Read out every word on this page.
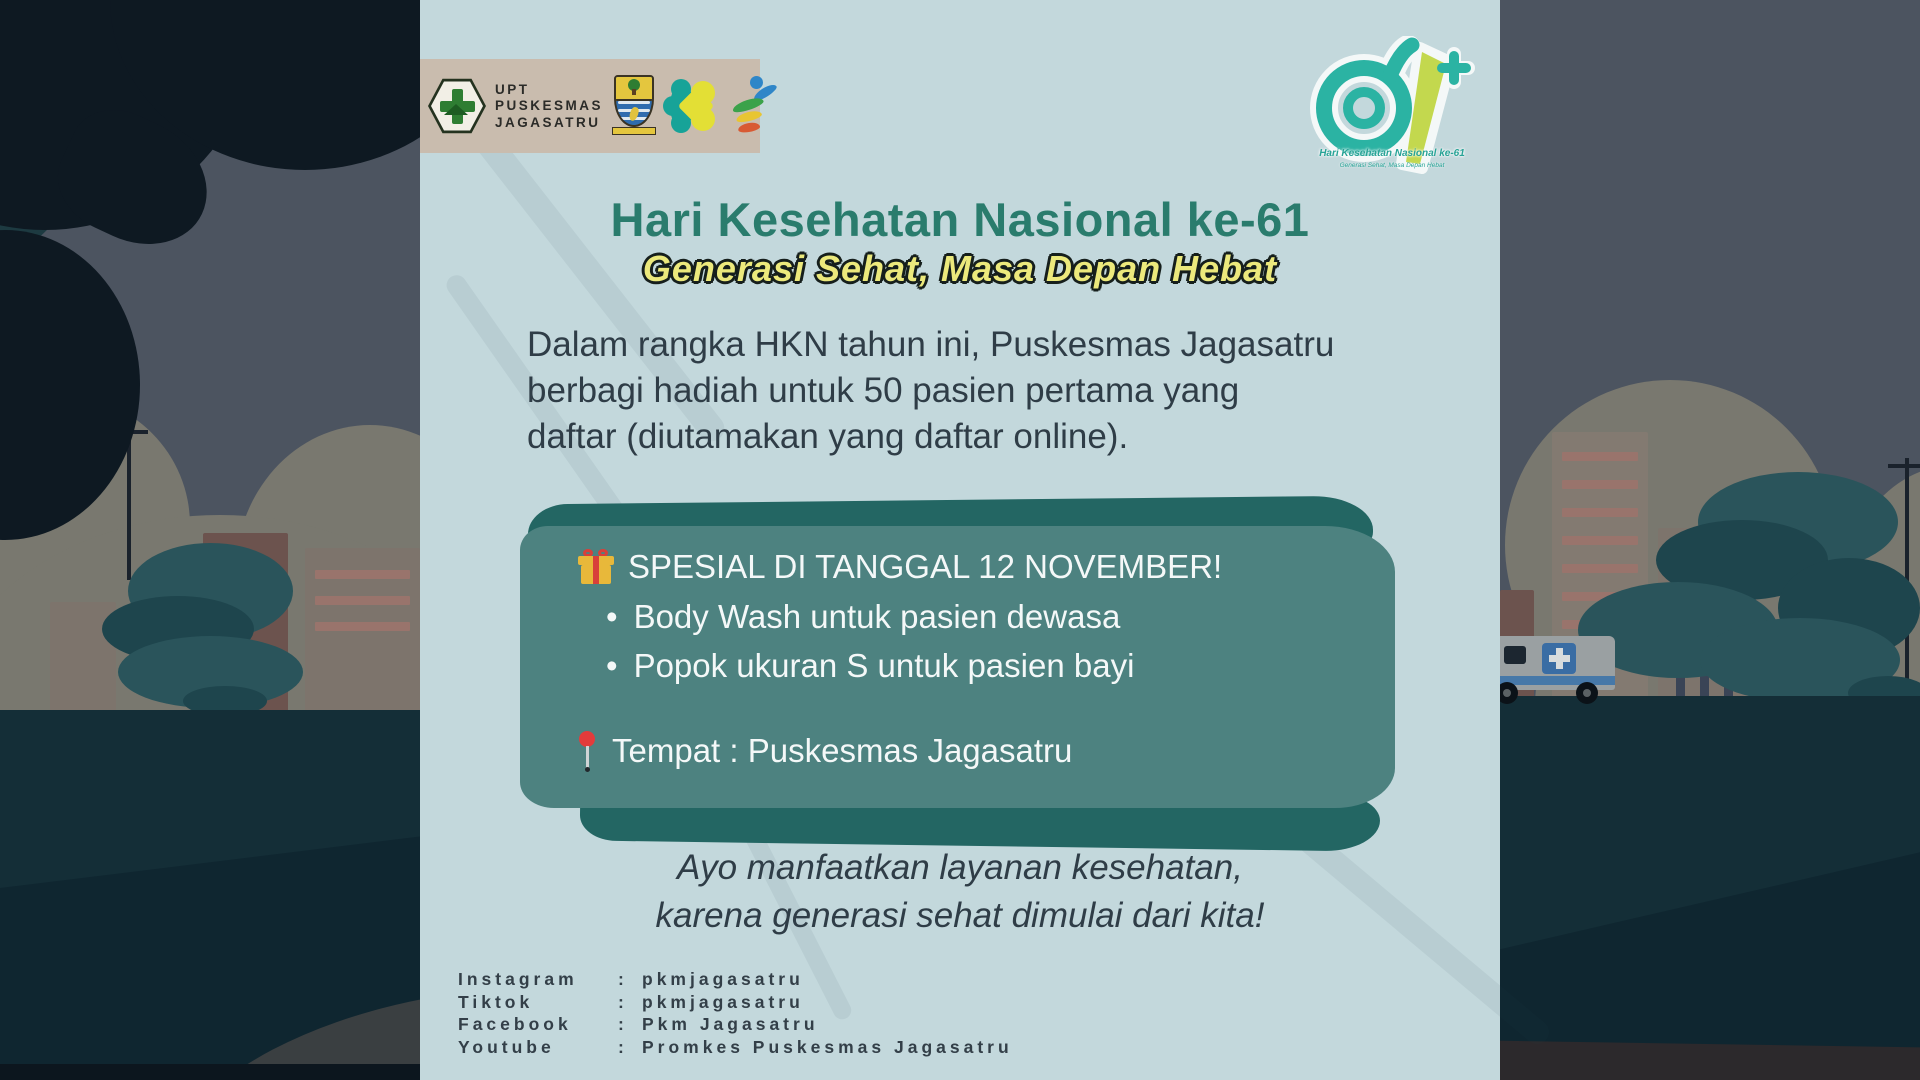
UPT
PUSKESMAS
JAGASATRU
Hari Kesehatan Nasional ke-61
Generasi Sehat, Masa Depan Hebat
Hari Kesehatan Nasional ke-61
Generasi Sehat, Masa Depan Hebat
Dalam rangka HKN tahun ini, Puskesmas Jagasatru
berbagi hadiah untuk 50 pasien pertama yang
daftar (diutamakan yang daftar online).
SPESIAL DI TANGGAL 12 NOVEMBER!
• Body Wash untuk pasien dewasa
• Popok ukuran S untuk pasien bayi
Tempat : Puskesmas Jagasatru
Ayo manfaatkan layanan kesehatan,
karena generasi sehat dimulai dari kita!
Instagram	: pkmjagasatru
Tiktok	: pkmjagasatru
Facebook	: Pkm Jagasatru
Youtube	: Promkes Puskesmas Jagasatru
